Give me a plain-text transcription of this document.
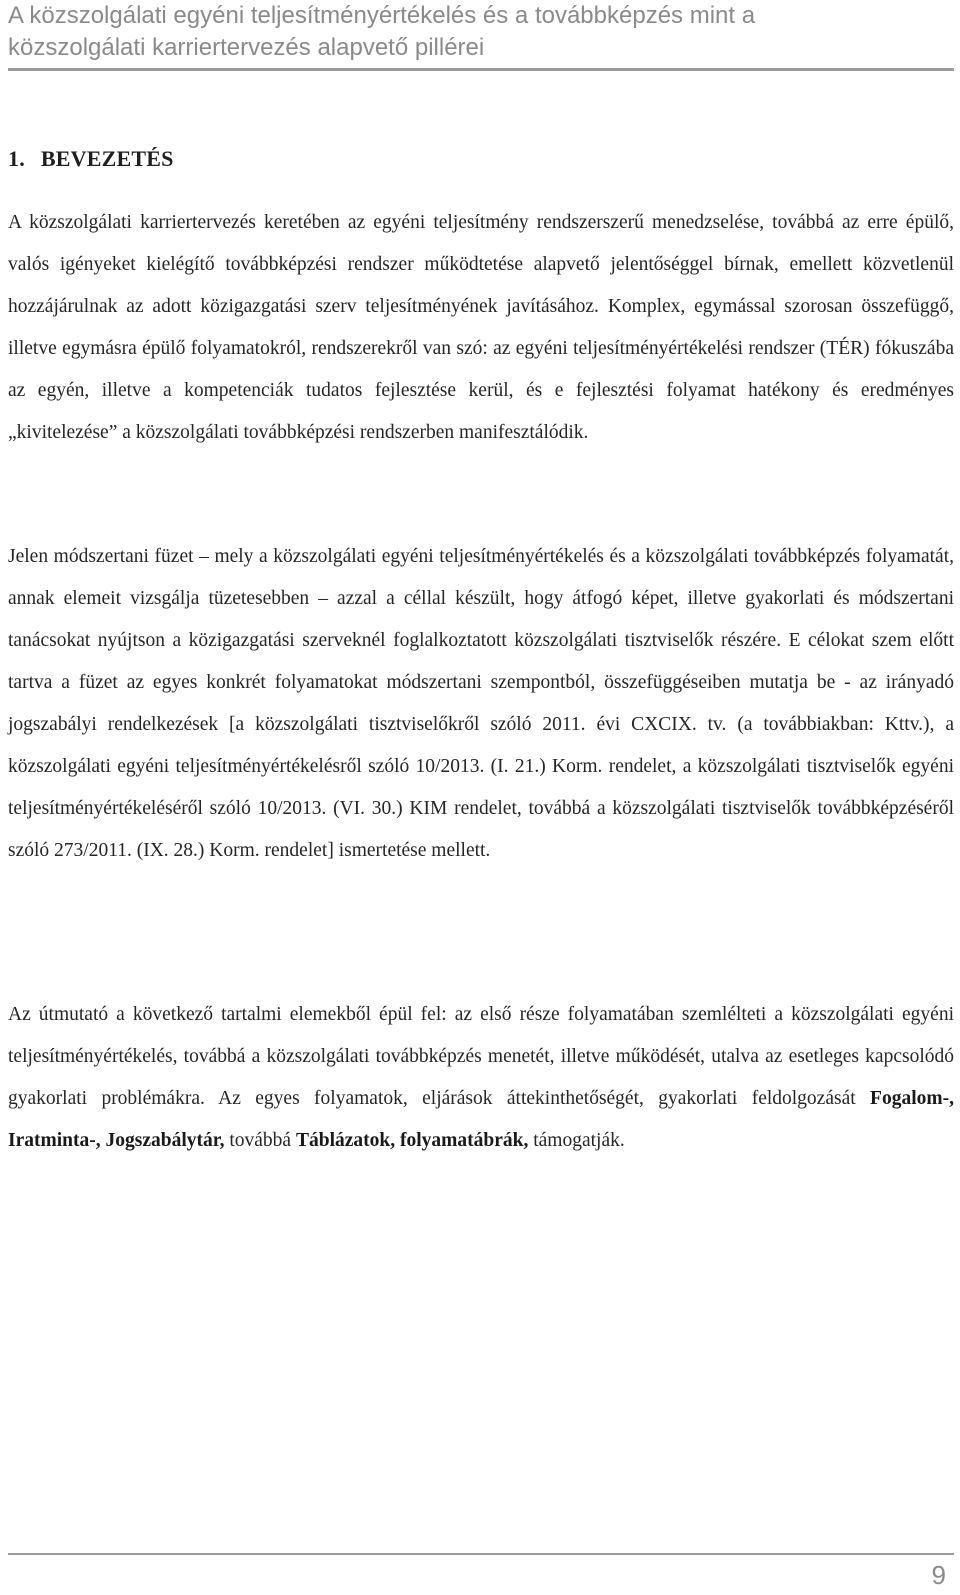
A közszolgálati egyéni teljesítményértékelés és a továbbképzés mint a
közszolgálati karriertervezés alapvető pillérei
1. BEVEZETÉS

A közszolgálati karriertervezés keretében az egyéni teljesítmény rendszerszerű menedzselése, továbbá az erre épülő, valós igényeket kielégítő továbbképzési rendszer működtetése alapvető jelentőséggel bírnak, emellett közvetlenül hozzájárulnak az adott közigazgatási szerv teljesítményének javításához. Komplex, egymással szorosan összefüggő, illetve egymásra épülő folyamatokról, rendszerekről van szó: az egyéni teljesítményértékelési rendszer (TÉR) fókuszába az egyén, illetve a kompetenciák tudatos fejlesztése kerül, és e fejlesztési folyamat hatékony és eredményes „kivitelezése” a közszolgálati továbbképzési rendszerben manifesztálódik.

Jelen módszertani füzet – mely a közszolgálati egyéni teljesítményértékelés és a közszolgálati továbbképzés folyamatát, annak elemeit vizsgálja tüzetesebben – azzal a céllal készült, hogy átfogó képet, illetve gyakorlati és módszertani tanácsokat nyújtson a közigazgatási szerveknél foglalkoztatott közszolgálati tisztviselők részére. E célokat szem előtt tartva a füzet az egyes konkrét folyamatokat módszertani szempontból, összefüggéseiben mutatja be - az irányadó jogszabályi rendelkezések [a közszolgálati tisztviselőkről szóló 2011. évi CXCIX. tv. (a továbbiakban: Kttv.), a közszolgálati egyéni teljesítményértékelésről szóló 10/2013. (I. 21.) Korm. rendelet, a közszolgálati tisztviselők egyéni teljesítményértékeléséről szóló 10/2013. (VI. 30.) KIM rendelet, továbbá a közszolgálati tisztviselők továbbképzéséről szóló 273/2011. (IX. 28.) Korm. rendelet] ismertetése mellett.

Az útmutató a következő tartalmi elemekből épül fel: az első része folyamatában szemlélteti a közszolgálati egyéni teljesítményértékelés, továbbá a közszolgálati továbbképzés menetét, illetve működését, utalva az esetleges kapcsolódó gyakorlati problémákra. Az egyes folyamatok, eljárások áttekinthetőségét, gyakorlati feldolgozását Fogalom-, Iratminta-, Jogszabálytár, továbbá Táblázatok, folyamatábrák, támogatják.

9
